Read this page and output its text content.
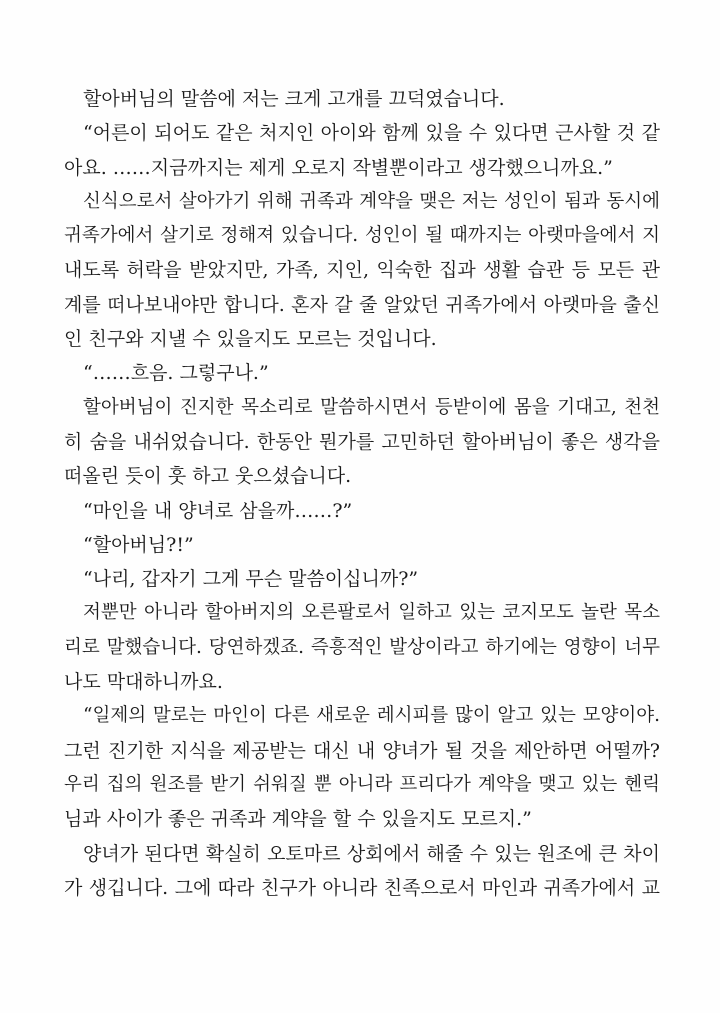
할아버님의 말씀에 저는 크게 고개를 끄덕였습니다.
“어른이 되어도 같은 처지인 아이와 함께 있을 수 있다면 근사할 것 같
아요. ……지금까지는 제게 오로지 작별뿐이라고 생각했으니까요.”
신식으로서 살아가기 위해 귀족과 계약을 맺은 저는 성인이 됨과 동시에
귀족가에서 살기로 정해져 있습니다. 성인이 될 때까지는 아랫마을에서 지
내도록 허락을 받았지만, 가족, 지인, 익숙한 집과 생활 습관 등 모든 관
계를 떠나보내야만 합니다. 혼자 갈 줄 알았던 귀족가에서 아랫마을 출신
인 친구와 지낼 수 있을지도 모르는 것입니다.
“……흐음. 그렇구나.”
할아버님이 진지한 목소리로 말씀하시면서 등받이에 몸을 기대고, 천천
히 숨을 내쉬었습니다. 한동안 뭔가를 고민하던 할아버님이 좋은 생각을
떠올린 듯이 훗 하고 웃으셨습니다.
“마인을 내 양녀로 삼을까……?”
“할아버님?!”
“나리, 갑자기 그게 무슨 말씀이십니까?”
저뿐만 아니라 할아버지의 오른팔로서 일하고 있는 코지모도 놀란 목소
리로 말했습니다. 당연하겠죠. 즉흥적인 발상이라고 하기에는 영향이 너무
나도 막대하니까요.
“일제의 말로는 마인이 다른 새로운 레시피를 많이 알고 있는 모양이야.
그런 진기한 지식을 제공받는 대신 내 양녀가 될 것을 제안하면 어떨까?
우리 집의 원조를 받기 쉬워질 뿐 아니라 프리다가 계약을 맺고 있는 헨릭
님과 사이가 좋은 귀족과 계약을 할 수 있을지도 모르지.”
양녀가 된다면 확실히 오토마르 상회에서 해줄 수 있는 원조에 큰 차이
가 생깁니다. 그에 따라 친구가 아니라 친족으로서 마인과 귀족가에서 교
